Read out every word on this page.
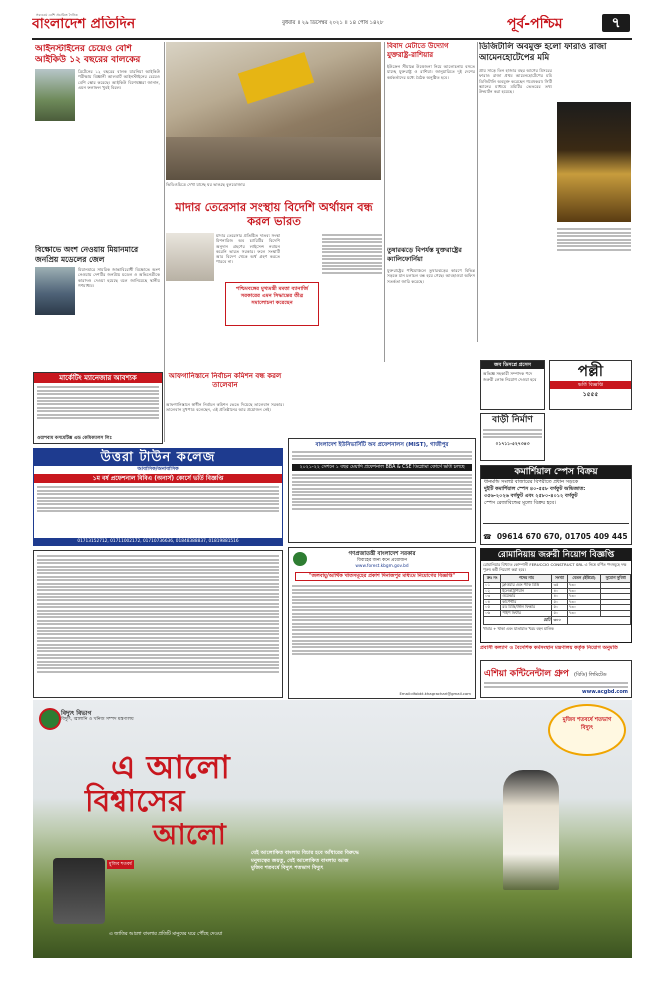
সবচেয়ে বেশি প্রচারিত দৈনিক
বাংলাদেশ প্রতিদিন	বুধবার ॥ ২৯ ডিসেম্বর ২০২১ ॥ ১৪ পৌষ ১৪২৮	পূর্ব-পশ্চিম	৭
আইনস্টাইনের চেয়েও বেশি আইকিউ ১২ বছরের বালকের
ব্রিটেনের ১২ বছরের বালক যারনিয়া আইকিউ পরীক্ষায় বিজ্ঞানী আলবার্ট আইনস্টাইনের চেয়েও বেশি স্কোর করেছে। আইকিউ বিশেষজ্ঞরা জানান, এমন ফলাফল খুবই বিরল।
বিক্ষোভে অংশ নেওয়ায় মিয়ানমারে জনপ্রিয় মডেলের জেল
মিয়ানমারে সামরিক জান্তাবিরোধী বিক্ষোভে অংশ নেওয়ায় দেশটির জনপ্রিয় মডেল ও অভিনেত্রীকে কারাদণ্ড দেওয়া হয়েছে বলে জানিয়েছে স্থানীয় গণমাধ্যম।
ভিডিওচিত্রে দেখা যাচ্ছে ঘর ভাঙছে বুলডোজার
মাদার তেরেসার সংস্থায় বিদেশি অর্থায়ন বন্ধ করল ভারত
মাদার তেরেসার প্রতিষ্ঠিত দাতব্য সংস্থা মিশনারিজ অব চ্যারিটির বিদেশি অনুদান গ্রহণের লাইসেন্স নবায়ন করেনি ভারত সরকার। ফলে সংস্থাটি আর বিদেশ থেকে অর্থ গ্রহণ করতে পারবে না।
পশ্চিমবঙ্গের মুখ্যমন্ত্রী মমতা ব্যানার্জি সরকারের এমন সিদ্ধান্তের তীব্র সমালোচনা করেছেন
বিবাদ মেটাতে উদ্যোগ যুক্তরাষ্ট্র-রাশিয়ার
ইউক্রেন সীমান্তে উত্তেজনা নিয়ে আলোচনায় বসতে যাচ্ছে যুক্তরাষ্ট্র ও রাশিয়া। জানুয়ারিতে দুই দেশের কর্মকর্তাদের মধ্যে বৈঠক অনুষ্ঠিত হবে।
তুষারঝড়ে বিপর্যস্ত যুক্তরাষ্ট্রের ক্যালিফোর্নিয়া
যুক্তরাষ্ট্রের পশ্চিমাঞ্চলে তুষারঝড়ের কারণে বিভিন্ন সড়কে যান চলাচল বন্ধ হয়ে গেছে। আবহাওয়া অফিস সতর্কতা জারি করেছে।
ডিজিটালি অবমুক্ত হলো ফারাও রাজা আমেনহোটেপের মমি
প্রায় সাড়ে তিন হাজার বছর আগের মিসরের ফারাও রাজা প্রথম আমেনহোটেপের মমি ডিজিটালি অবমুক্ত করেছেন গবেষকরা। সিটি স্ক্যানের মাধ্যমে মমিটির ভেতরের তথ্য উদ্ঘাটন করা হয়েছে।
মার্কেটিং ম্যানেজার আবশ্যক
ওয়াশবাম কসমেটিক্স এন্ড কেমিক্যালস লিঃ
আফগানিস্তানে নির্বাচন কমিশন বন্ধ করল তালেবান
আফগানিস্তানে স্বাধীন নির্বাচন কমিশন ভেঙে দিয়েছে তালেবান সরকার। তালেবান মুখপাত্র বলেছেন, এই প্রতিষ্ঠানের আর প্রয়োজন নেই।
উত্তরা টাউন কলেজ
আবাসিক/অনাবাসিক
১ম বর্ষ প্রফেশনাল বিবিএ (অনার্স) কোর্সে ভর্তি বিজ্ঞপ্তি
01713152712, 01711002172, 01710736636, 01848388837, 01819881516
বাংলাদেশ ইউনিভার্সিটি অব প্রফেশনালস (MIST), গাজীপুর
২০২১-২২ সেশনে ১ বছর মেয়াদি প্রফেশনাল BBA & CSE ডিপ্লোমা কোর্সে ভর্তি চলছে
জব ডিসপ্লে প্রসেস
অভিজ্ঞ সহকারী সম্পাদক পদে জরুরী লোক নিয়োগ দেওয়া হবে
বাড়ী নির্মাণ
০১৭১১-৫২৭৩৪৩
পল্লী
ভর্তি বিজ্ঞপ্তি
১৫৫৫
কমার্শিয়াল স্পেস বিক্রয়
ধানমন্ডি সংলগ্ন বাজারের বিপরীতে প্রধান সড়কে
দুইটি কমার্শিয়াল স্পেস ৪০-৫৫৮ বর্গফুট অভিজাত:
৩৫৬-২০২৬ বর্গফুট এবং ২৫৮০-৪০১২ বর্গফুট
স্পেস রেজাবিল্ডের মূল্যে বিক্রয় হবে।
☎ 09614 670 670, 01705 409 445
গণপ্রজাতন্ত্রী বাংলাদেশ সরকার
বিবাহের জন্য কনে প্রয়োজন
www.forest.kbgm.gov.bd
"জলবায়ু/আর্থিক খাতসমূহের প্রকাশ দিনাজপুর মাধ্যমে নিয়োগের বিজ্ঞপ্তি"
Email:dfobkt.khagrachari@gmail.com
রোমানিয়ায় জরুরী নিয়োগ বিজ্ঞপ্তি
রোমানিয়ার বিখ্যাত কোম্পানী FERUCCIO CONSTRUCT SRL এ নিম্নে বর্ণিত পদসমূহে দক্ষ পুরুষ কর্মী নিয়োগ করা হবে।
ক্রঃ নং	পদের নাম	সংখ্যা	বেতন (ইউরো)	সুযোগ সুবিধা
০১	ফ্লাওয়ার এবং প্যাক মিস্ত্রি	৩৫	৭৩০	
০২	ইলেকট্রিশিয়ান	৪০	৭৩০	
০৩	ওয়েল্ডার	৪০	৭৩০	
০৪	কার্পেন্টার	৫০	৭৩০	
০৫	রড মিস্ত্রি/স্টিল ফিক্সার	৫০	৭৩০	
০৬	পাইপ ফিটার	৫০	৭৩০	
মোট		৩০০		
খাবার + থাকা এবং যাতায়াত খরচ বহন মালিক
প্রবাসী কল্যাণ ও বৈদেশিক কর্মসংস্থান মন্ত্রণালয় কর্তৃক নিয়োগ অনুমতি
এশিয়া কন্টিনেন্টাল গ্রুপ (বিডি) লিমিটেড
www.acgbd.com
বিদ্যুৎ বিভাগ
বিদ্যুৎ, জ্বালানি ও খনিজ সম্পদ মন্ত্রণালয়	মুজিব শতবর্ষে শতভাগ বিদ্যুৎ
এ আলো
বিশ্বাসের
আলো
মুজিব শতবর্ষ
যেই আলোকিত বাংলায় বিচার হবে আঁধারের বিরুদ্ধে
মনুষ্যত্বের জয়তু, যেই আলোকিত বাংলায় আজ
মুজিব শতবর্ষে বিদ্যুৎ শতভাগ বিদ্যুৎ
এ জাতির আলো বাংলার প্রতিটি মানুষের ঘরে পৌঁছে দেওয়া
